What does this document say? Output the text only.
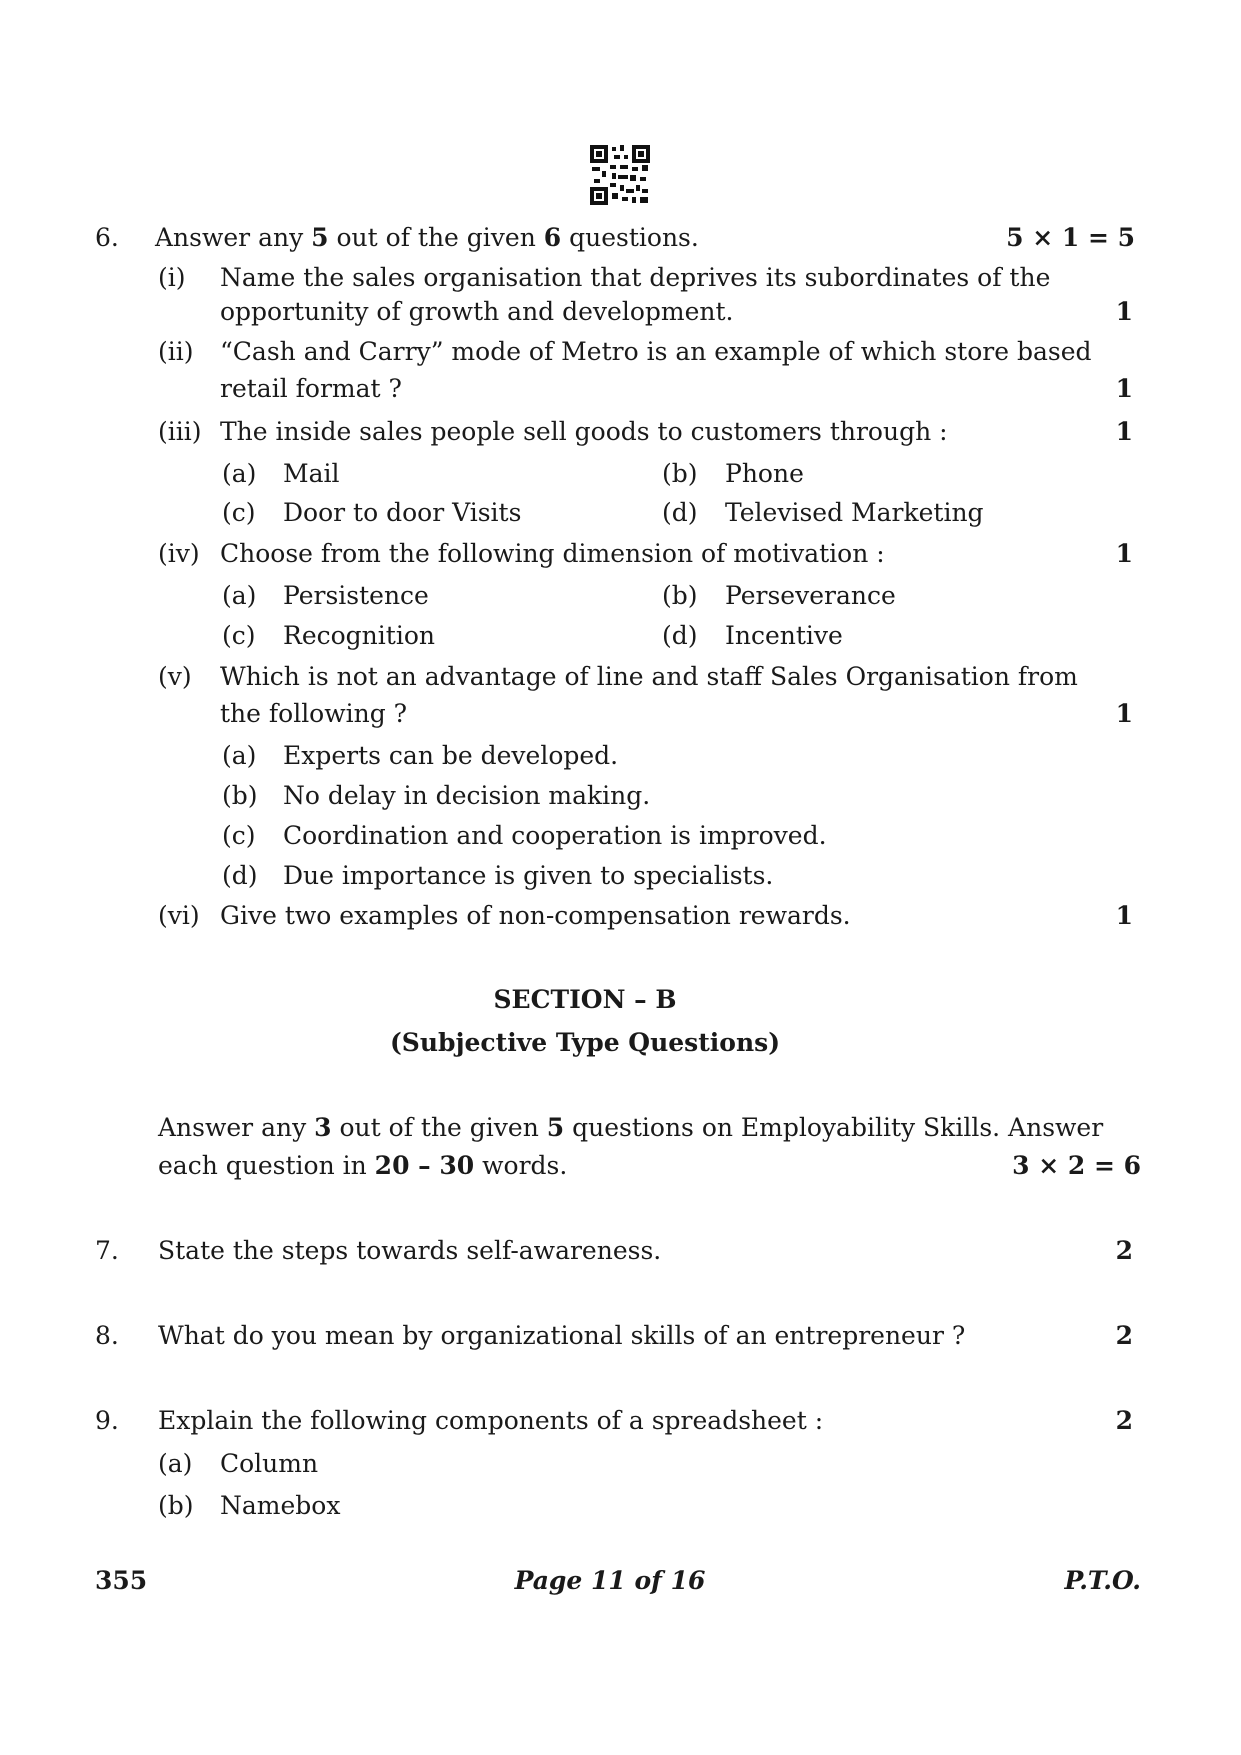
6. Answer any 5 out of the given 6 questions.	5 × 1 = 5
(i) Name the sales organisation that deprives its subordinates of the
opportunity of growth and development.	1
(ii) “Cash and Carry” mode of Metro is an example of which store based
retail format ?	1
(iii) The inside sales people sell goods to customers through :	1
(a) Mail	(b) Phone
(c) Door to door Visits	(d) Televised Marketing
(iv) Choose from the following dimension of motivation :	1
(a) Persistence	(b) Perseverance
(c) Recognition	(d) Incentive
(v) Which is not an advantage of line and staff Sales Organisation from
the following ?	1
(a) Experts can be developed.
(b) No delay in decision making.
(c) Coordination and cooperation is improved.
(d) Due importance is given to specialists.
(vi) Give two examples of non-compensation rewards.	1
SECTION – B
(Subjective Type Questions)
Answer any 3 out of the given 5 questions on Employability Skills. Answer
each question in 20 – 30 words.	3 × 2 = 6
7. State the steps towards self-awareness.	2
8. What do you mean by organizational skills of an entrepreneur ?	2
9. Explain the following components of a spreadsheet :	2
(a) Column
(b) Namebox
355	Page 11 of 16	P.T.O.
